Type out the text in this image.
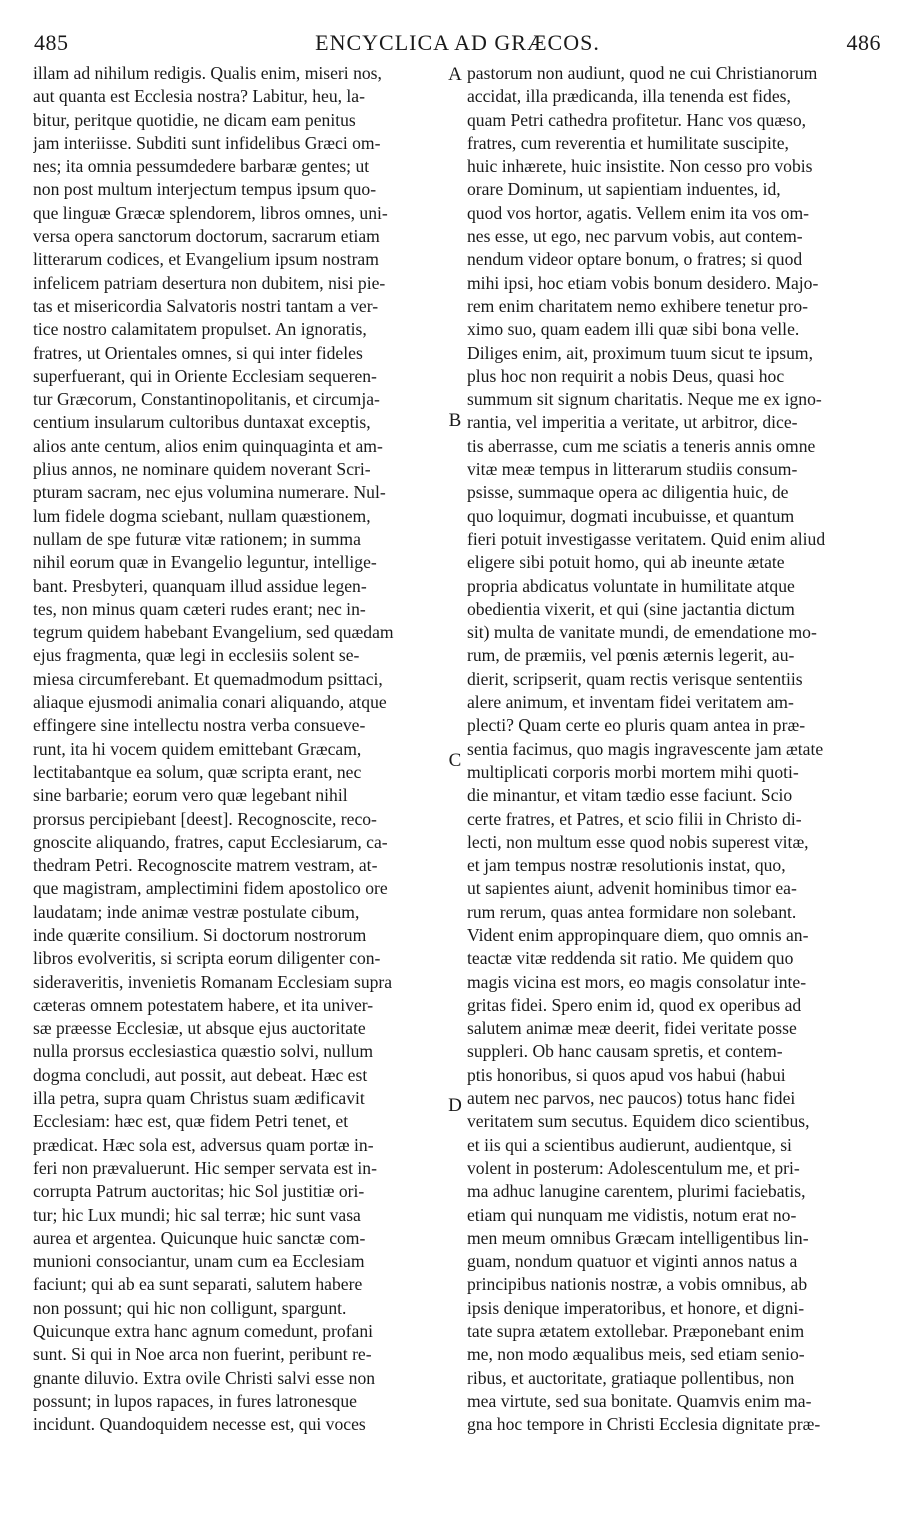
485	ENCYCLICA AD GRÆCOS.	486
illam ad nihilum redigis. Qualis enim, miseri nos,
aut quanta est Ecclesia nostra? Labitur, heu, la-
bitur, peritque quotidie, ne dicam eam penitus
jam interiisse. Subditi sunt infidelibus Græci om-
nes; ita omnia pessumdedere barbaræ gentes; ut
non post multum interjectum tempus ipsum quo-
que linguæ Græcæ splendorem, libros omnes, uni-
versa opera sanctorum doctorum, sacrarum etiam
litterarum codices, et Evangelium ipsum nostram
infelicem patriam desertura non dubitem, nisi pie-
tas et misericordia Salvatoris nostri tantam a ver-
tice nostro calamitatem propulset. An ignoratis,
fratres, ut Orientales omnes, si qui inter fideles
superfuerant, qui in Oriente Ecclesiam sequeren-
tur Græcorum, Constantinopolitanis, et circumja-
centium insularum cultoribus duntaxat exceptis,
alios ante centum, alios enim quinquaginta et am-
plius annos, ne nominare quidem noverant Scri-
pturam sacram, nec ejus volumina numerare. Nul-
lum fidele dogma sciebant, nullam quæstionem,
nullam de spe futuræ vitæ rationem; in summa
nihil eorum quæ in Evangelio leguntur, intellige-
bant. Presbyteri, quanquam illud assidue legen-
tes, non minus quam cæteri rudes erant; nec in-
tegrum quidem habebant Evangelium, sed quædam
ejus fragmenta, quæ legi in ecclesiis solent se-
miesa circumferebant. Et quemadmodum psittaci,
aliaque ejusmodi animalia conari aliquando, atque
effingere sine intellectu nostra verba consueve-
runt, ita hi vocem quidem emittebant Græcam,
lectitabantque ea solum, quæ scripta erant, nec
sine barbarie; eorum vero quæ legebant nihil
prorsus percipiebant [deest]. Recognoscite, reco-
gnoscite aliquando, fratres, caput Ecclesiarum, ca-
thedram Petri. Recognoscite matrem vestram, at-
que magistram, amplectimini fidem apostolico ore
laudatam; inde animæ vestræ postulate cibum,
inde quærite consilium. Si doctorum nostrorum
libros evolveritis, si scripta eorum diligenter con-
sideraveritis, invenietis Romanam Ecclesiam supra
cæteras omnem potestatem habere, et ita univer-
sæ præesse Ecclesiæ, ut absque ejus auctoritate
nulla prorsus ecclesiastica quæstio solvi, nullum
dogma concludi, aut possit, aut debeat. Hæc est
illa petra, supra quam Christus suam ædificavit
Ecclesiam: hæc est, quæ fidem Petri tenet, et
prædicat. Hæc sola est, adversus quam portæ in-
feri non prævaluerunt. Hic semper servata est in-
corrupta Patrum auctoritas; hic Sol justitiæ ori-
tur; hic Lux mundi; hic sal terræ; hic sunt vasa
aurea et argentea. Quicunque huic sanctæ com-
munioni consociantur, unam cum ea Ecclesiam
faciunt; qui ab ea sunt separati, salutem habere
non possunt; qui hic non colligunt, spargunt.
Quicunque extra hanc agnum comedunt, profani
sunt. Si qui in Noe arca non fuerint, peribunt re-
gnante diluvio. Extra ovile Christi salvi esse non
possunt; in lupos rapaces, in fures latronesque
incidunt. Quandoquidem necesse est, qui voces
A
B
C
D
pastorum non audiunt, quod ne cui Christianorum
accidat, illa prædicanda, illa tenenda est fides,
quam Petri cathedra profitetur. Hanc vos quæso,
fratres, cum reverentia et humilitate suscipite,
huic inhærete, huic insistite. Non cesso pro vobis
orare Dominum, ut sapientiam induentes, id,
quod vos hortor, agatis. Vellem enim ita vos om-
nes esse, ut ego, nec parvum vobis, aut contem-
nendum videor optare bonum, o fratres; si quod
mihi ipsi, hoc etiam vobis bonum desidero. Majo-
rem enim charitatem nemo exhibere tenetur pro-
ximo suo, quam eadem illi quæ sibi bona velle.
Diliges enim, ait, proximum tuum sicut te ipsum,
plus hoc non requirit a nobis Deus, quasi hoc
summum sit signum charitatis. Neque me ex igno-
rantia, vel imperitia a veritate, ut arbitror, dice-
tis aberrasse, cum me sciatis a teneris annis omne
vitæ meæ tempus in litterarum studiis consum-
psisse, summaque opera ac diligentia huic, de
quo loquimur, dogmati incubuisse, et quantum
fieri potuit investigasse veritatem. Quid enim aliud
eligere sibi potuit homo, qui ab ineunte ætate
propria abdicatus voluntate in humilitate atque
obedientia vixerit, et qui (sine jactantia dictum
sit) multa de vanitate mundi, de emendatione mo-
rum, de præmiis, vel pœnis æternis legerit, au-
dierit, scripserit, quam rectis verisque sententiis
alere animum, et inventam fidei veritatem am-
plecti? Quam certe eo pluris quam antea in præ-
sentia facimus, quo magis ingravescente jam ætate
multiplicati corporis morbi mortem mihi quoti-
die minantur, et vitam tædio esse faciunt. Scio
certe fratres, et Patres, et scio filii in Christo di-
lecti, non multum esse quod nobis superest vitæ,
et jam tempus nostræ resolutionis instat, quo,
ut sapientes aiunt, advenit hominibus timor ea-
rum rerum, quas antea formidare non solebant.
Vident enim appropinquare diem, quo omnis an-
teactæ vitæ reddenda sit ratio. Me quidem quo
magis vicina est mors, eo magis consolatur inte-
gritas fidei. Spero enim id, quod ex operibus ad
salutem animæ meæ deerit, fidei veritate posse
suppleri. Ob hanc causam spretis, et contem-
ptis honoribus, si quos apud vos habui (habui
autem nec parvos, nec paucos) totus hanc fidei
veritatem sum secutus. Equidem dico scientibus,
et iis qui a scientibus audierunt, audientque, si
volent in posterum: Adolescentulum me, et pri-
ma adhuc lanugine carentem, plurimi faciebatis,
etiam qui nunquam me vidistis, notum erat no-
men meum omnibus Græcam intelligentibus lin-
guam, nondum quatuor et viginti annos natus a
principibus nationis nostræ, a vobis omnibus, ab
ipsis denique imperatoribus, et honore, et digni-
tate supra ætatem extollebar. Præponebant enim
me, non modo æqualibus meis, sed etiam senio-
ribus, et auctoritate, gratiaque pollentibus, non
mea virtute, sed sua bonitate. Quamvis enim ma-
gna hoc tempore in Christi Ecclesia dignitate præ-
